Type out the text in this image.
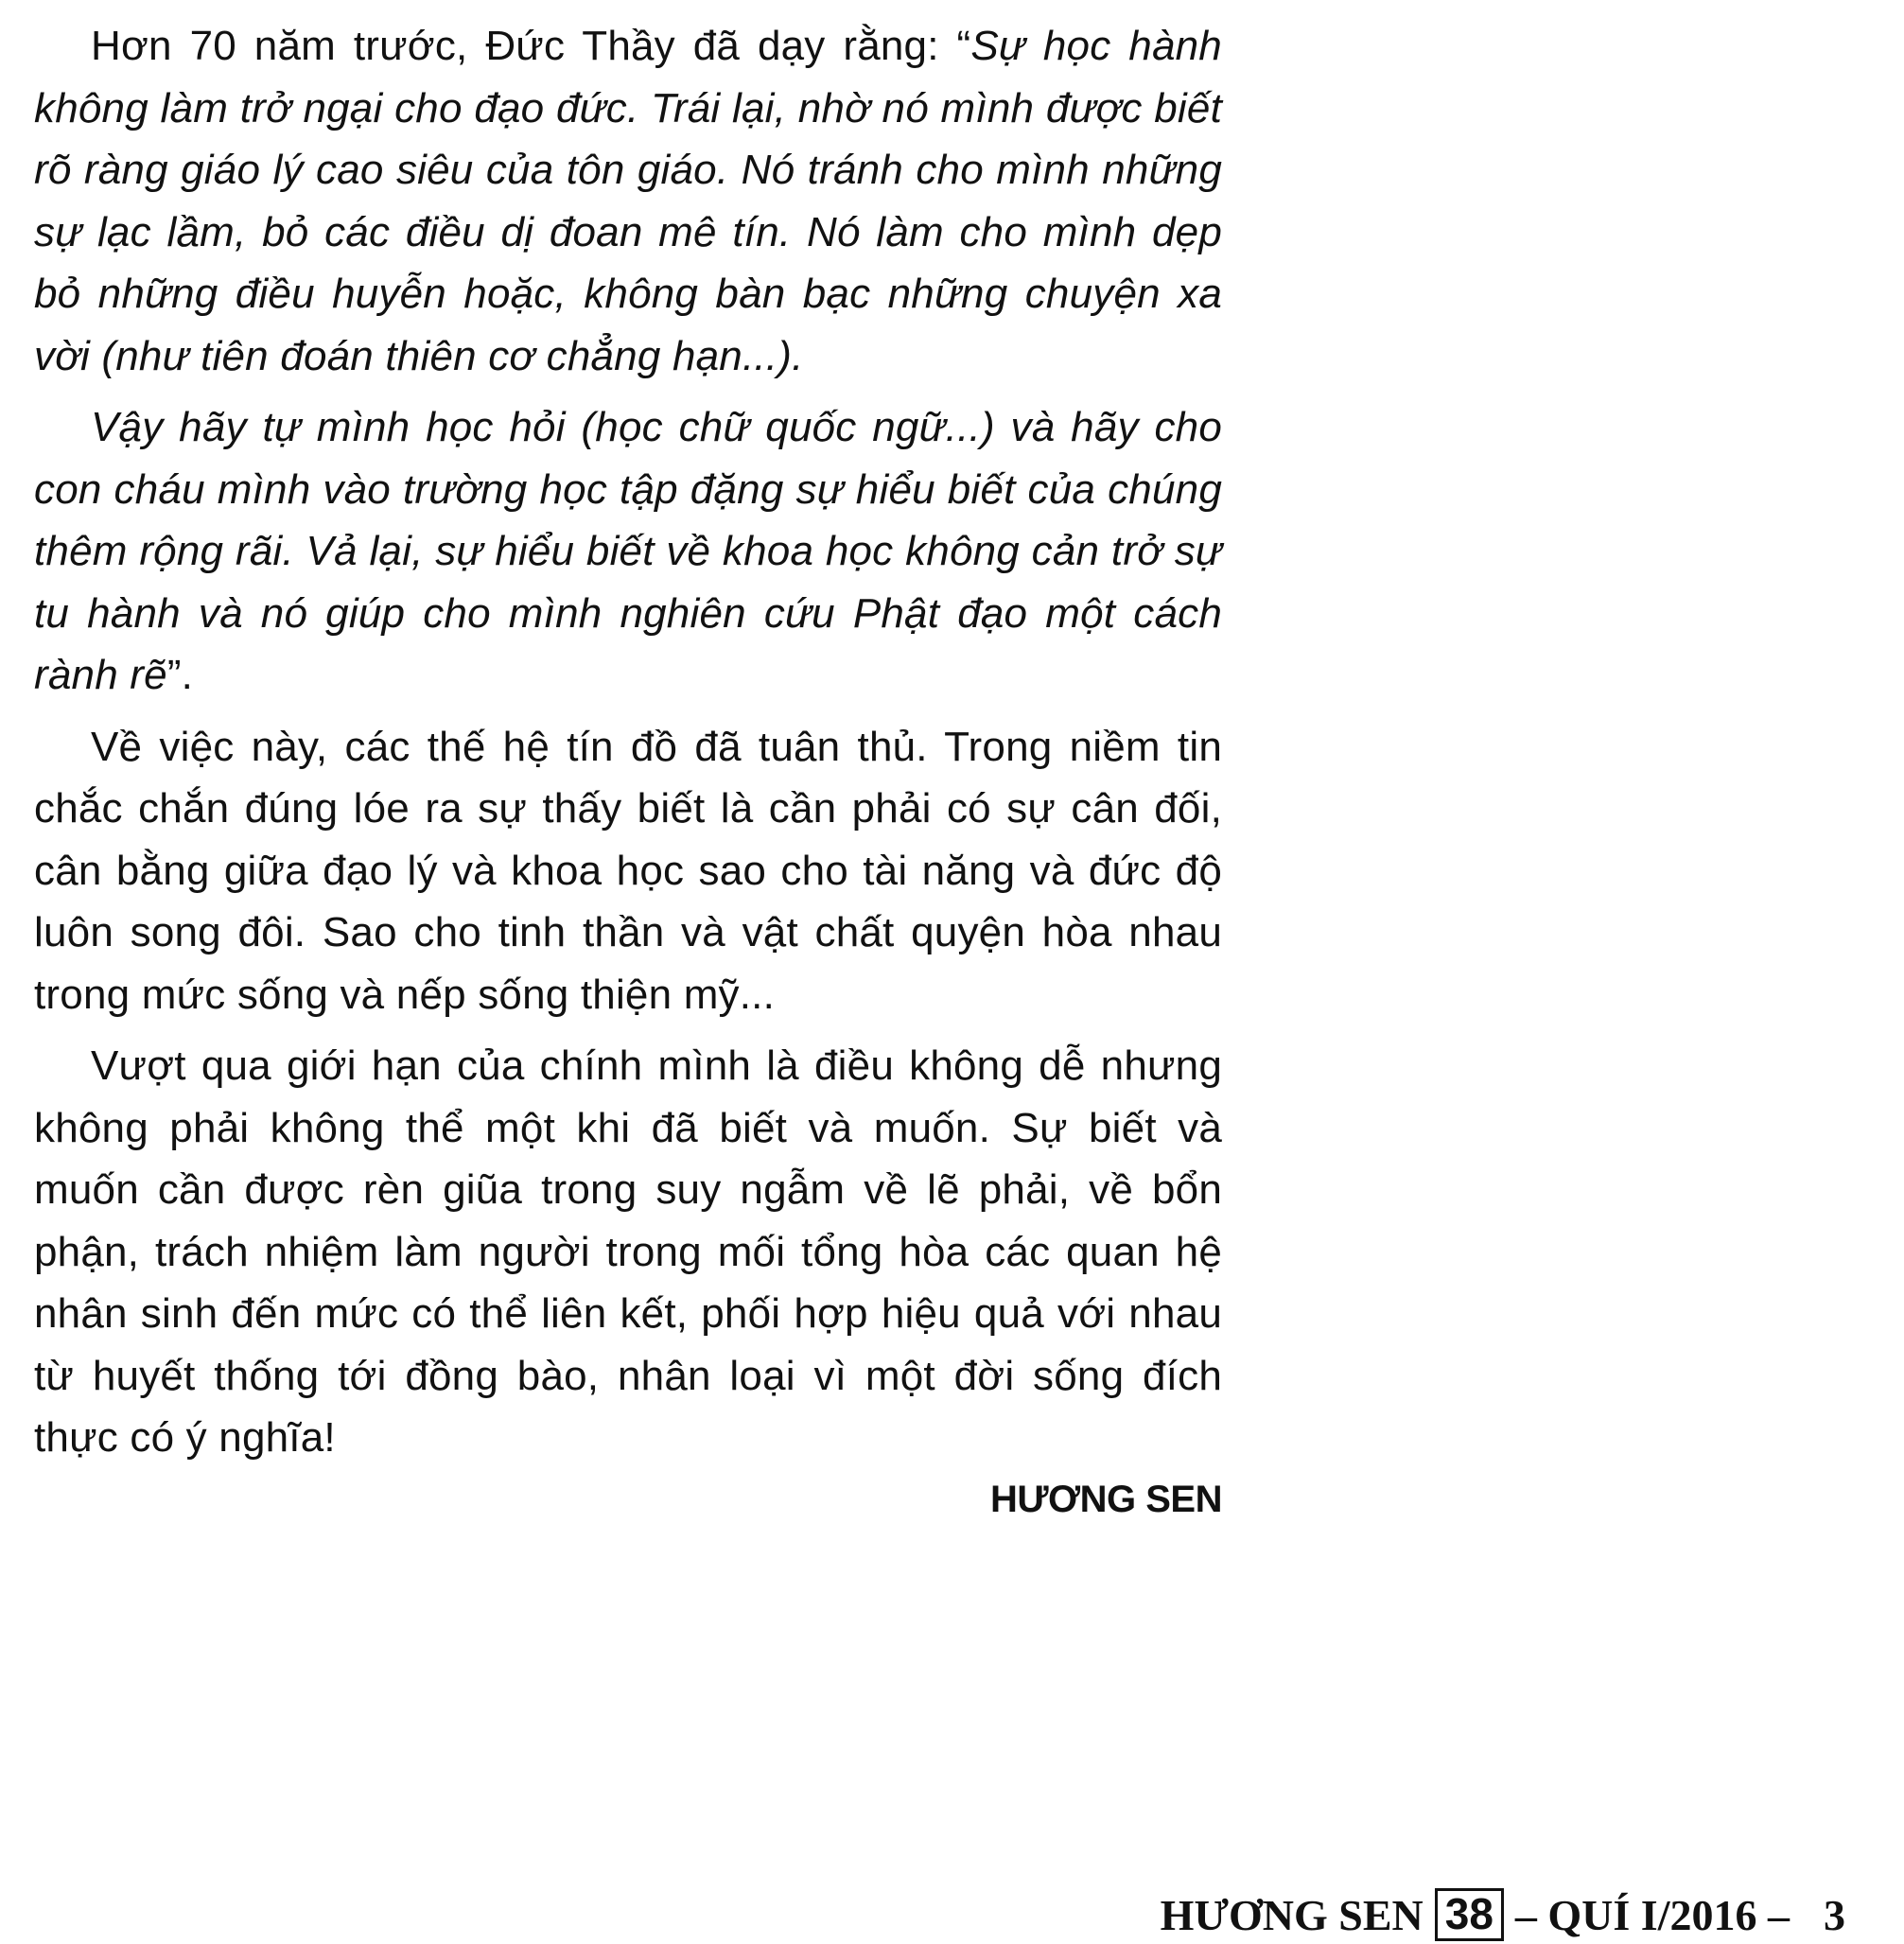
Hơn 70 năm trước, Đức Thầy đã dạy rằng: “Sự học hành không làm trở ngại cho đạo đức. Trái lại, nhờ nó mình được biết rõ ràng giáo lý cao siêu của tôn giáo. Nó tránh cho mình những sự lạc lầm, bỏ các điều dị đoan mê tín. Nó làm cho mình dẹp bỏ những điều huyễn hoặc, không bàn bạc những chuyện xa vời (như tiên đoán thiên cơ chẳng hạn...).

Vậy hãy tự mình học hỏi (học chữ quốc ngữ...) và hãy cho con cháu mình vào trường học tập đặng sự hiểu biết của chúng thêm rộng rãi. Vả lại, sự hiểu biết về khoa học không cản trở sự tu hành và nó giúp cho mình nghiên cứu Phật đạo một cách rành rẽ”.

Về việc này, các thế hệ tín đồ đã tuân thủ. Trong niềm tin chắc chắn đúng lóe ra sự thấy biết là cần phải có sự cân đối, cân bằng giữa đạo lý và khoa học sao cho tài năng và đức độ luôn song đôi. Sao cho tinh thần và vật chất quyện hòa nhau trong mức sống và nếp sống thiện mỹ...

Vượt qua giới hạn của chính mình là điều không dễ nhưng không phải không thể một khi đã biết và muốn. Sự biết và muốn cần được rèn giũa trong suy ngẫm về lẽ phải, về bổn phận, trách nhiệm làm người trong mối tổng hòa các quan hệ nhân sinh đến mức có thể liên kết, phối hợp hiệu quả với nhau từ huyết thống tới đồng bào, nhân loại vì một đời sống đích thực có ý nghĩa!

HƯƠNG SEN
HƯƠNG SEN 38 – QUÍ I/2016 – 3
